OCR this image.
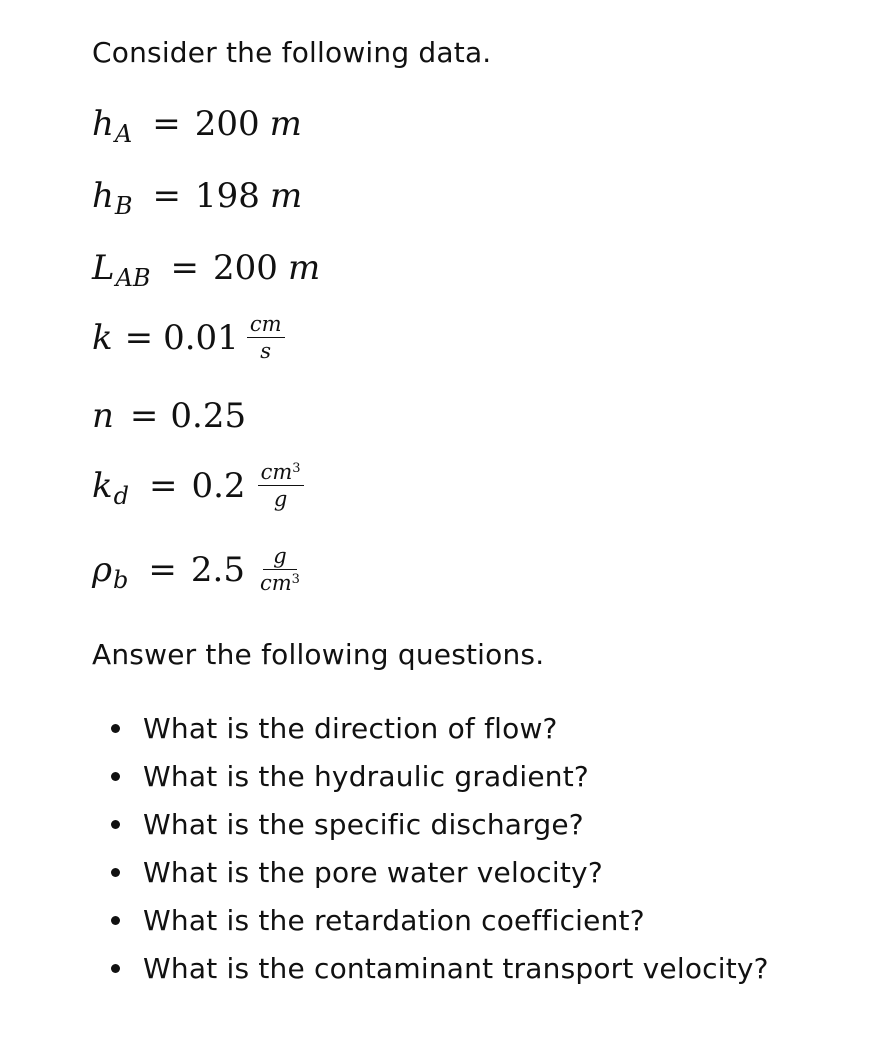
Consider the following data.
h A = 200 m
h B = 198 m
L AB = 200 m
$k = 0.01 \frac{cm}{s}$
n = 0.25
k $d = 0.2 \frac{cm^3}{g}$
ρ $b = 2.5 \frac{g}{cm^3}$
Answer the following questions.
What is the direction of flow?
What is the hydraulic gradient?
What is the specific discharge?
What is the pore water velocity?
What is the retardation coefficient?
What is the contaminant transport velocity?
